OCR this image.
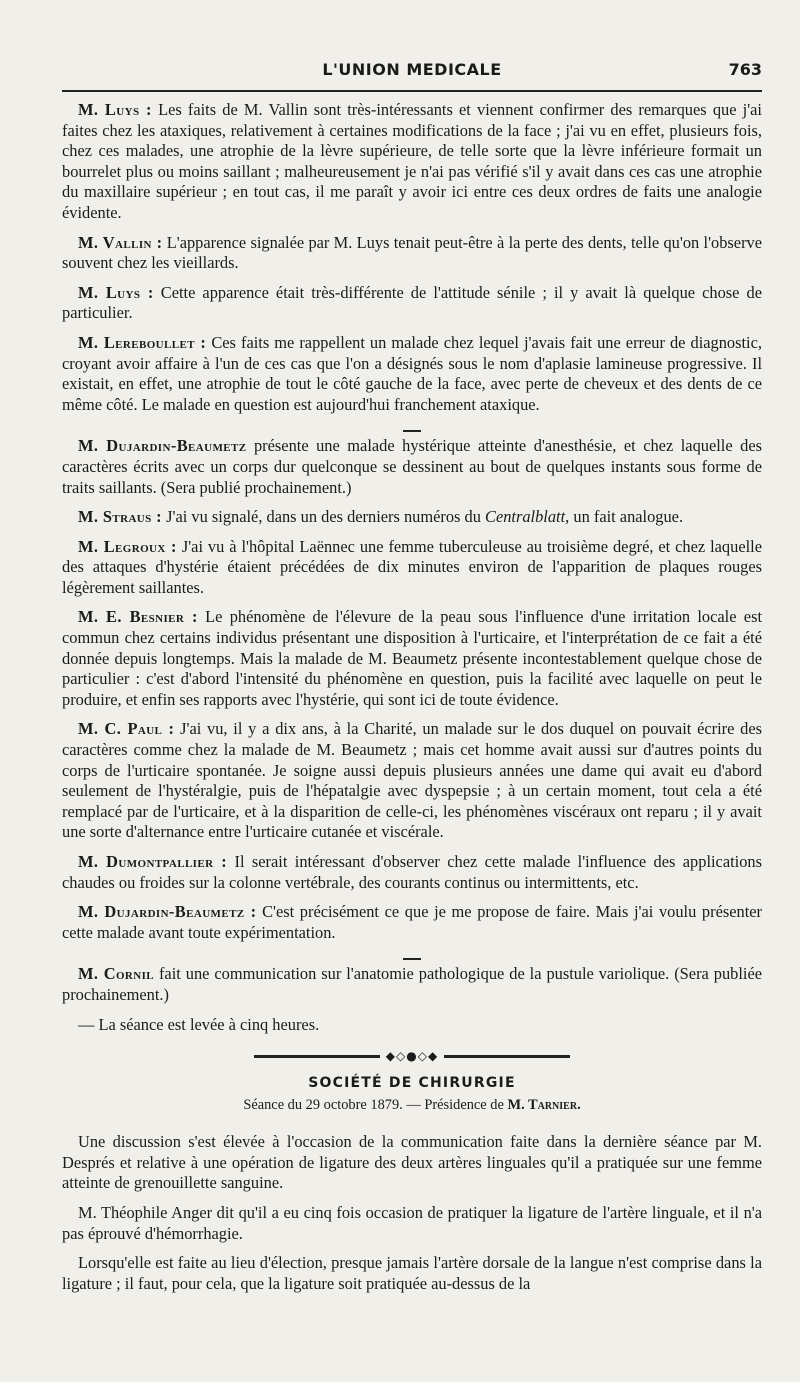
L'UNION MEDICALE	763

M. Luys : Les faits de M. Vallin sont très-intéressants et viennent confirmer des remarques que j'ai faites chez les ataxiques, relativement à certaines modifications de la face ; j'ai vu en effet, plusieurs fois, chez ces malades, une atrophie de la lèvre supérieure, de telle sorte que la lèvre inférieure formait un bourrelet plus ou moins saillant ; malheureusement je n'ai pas vérifié s'il y avait dans ces cas une atrophie du maxillaire supérieur ; en tout cas, il me paraît y avoir ici entre ces deux ordres de faits une analogie évidente.

M. Vallin : L'apparence signalée par M. Luys tenait peut-être à la perte des dents, telle qu'on l'observe souvent chez les vieillards.

M. Luys : Cette apparence était très-différente de l'attitude sénile ; il y avait là quelque chose de particulier.

M. Lereboullet : Ces faits me rappellent un malade chez lequel j'avais fait une erreur de diagnostic, croyant avoir affaire à l'un de ces cas que l'on a désignés sous le nom d'aplasie lamineuse progressive. Il existait, en effet, une atrophie de tout le côté gauche de la face, avec perte de cheveux et des dents de ce même côté. Le malade en question est aujourd'hui franchement ataxique.

M. Dujardin-Beaumetz présente une malade hystérique atteinte d'anesthésie, et chez laquelle des caractères écrits avec un corps dur quelconque se dessinent au bout de quelques instants sous forme de traits saillants. (Sera publié prochainement.)

M. Straus : J'ai vu signalé, dans un des derniers numéros du Centralblatt, un fait analogue.

M. Legroux : J'ai vu à l'hôpital Laënnec une femme tuberculeuse au troisième degré, et chez laquelle des attaques d'hystérie étaient précédées de dix minutes environ de l'apparition de plaques rouges légèrement saillantes.

M. E. Besnier : Le phénomène de l'élevure de la peau sous l'influence d'une irritation locale est commun chez certains individus présentant une disposition à l'urticaire, et l'interprétation de ce fait a été donnée depuis longtemps. Mais la malade de M. Beaumetz présente incontestablement quelque chose de particulier : c'est d'abord l'intensité du phénomène en question, puis la facilité avec laquelle on peut le produire, et enfin ses rapports avec l'hystérie, qui sont ici de toute évidence.

M. C. Paul : J'ai vu, il y a dix ans, à la Charité, un malade sur le dos duquel on pouvait écrire des caractères comme chez la malade de M. Beaumetz ; mais cet homme avait aussi sur d'autres points du corps de l'urticaire spontanée. Je soigne aussi depuis plusieurs années une dame qui avait eu d'abord seulement de l'hystéralgie, puis de l'hépatalgie avec dyspepsie ; à un certain moment, tout cela a été remplacé par de l'urticaire, et à la disparition de celle-ci, les phénomènes viscéraux ont reparu ; il y avait une sorte d'alternance entre l'urticaire cutanée et viscérale.

M. Dumontpallier : Il serait intéressant d'observer chez cette malade l'influence des applications chaudes ou froides sur la colonne vertébrale, des courants continus ou intermittents, etc.

M. Dujardin-Beaumetz : C'est précisément ce que je me propose de faire. Mais j'ai voulu présenter cette malade avant toute expérimentation.

M. Cornil fait une communication sur l'anatomie pathologique de la pustule variolique. (Sera publiée prochainement.)

— La séance est levée à cinq heures.

◆◇●◇◆
SOCIÉTÉ DE CHIRURGIE
Séance du 29 octobre 1879. — Présidence de M. Tarnier.

Une discussion s'est élevée à l'occasion de la communication faite dans la dernière séance par M. Després et relative à une opération de ligature des deux artères linguales qu'il a pratiquée sur une femme atteinte de grenouillette sanguine.

M. Théophile Anger dit qu'il a eu cinq fois occasion de pratiquer la ligature de l'artère linguale, et il n'a pas éprouvé d'hémorrhagie.

Lorsqu'elle est faite au lieu d'élection, presque jamais l'artère dorsale de la langue n'est comprise dans la ligature ; il faut, pour cela, que la ligature soit pratiquée au-dessus de la
